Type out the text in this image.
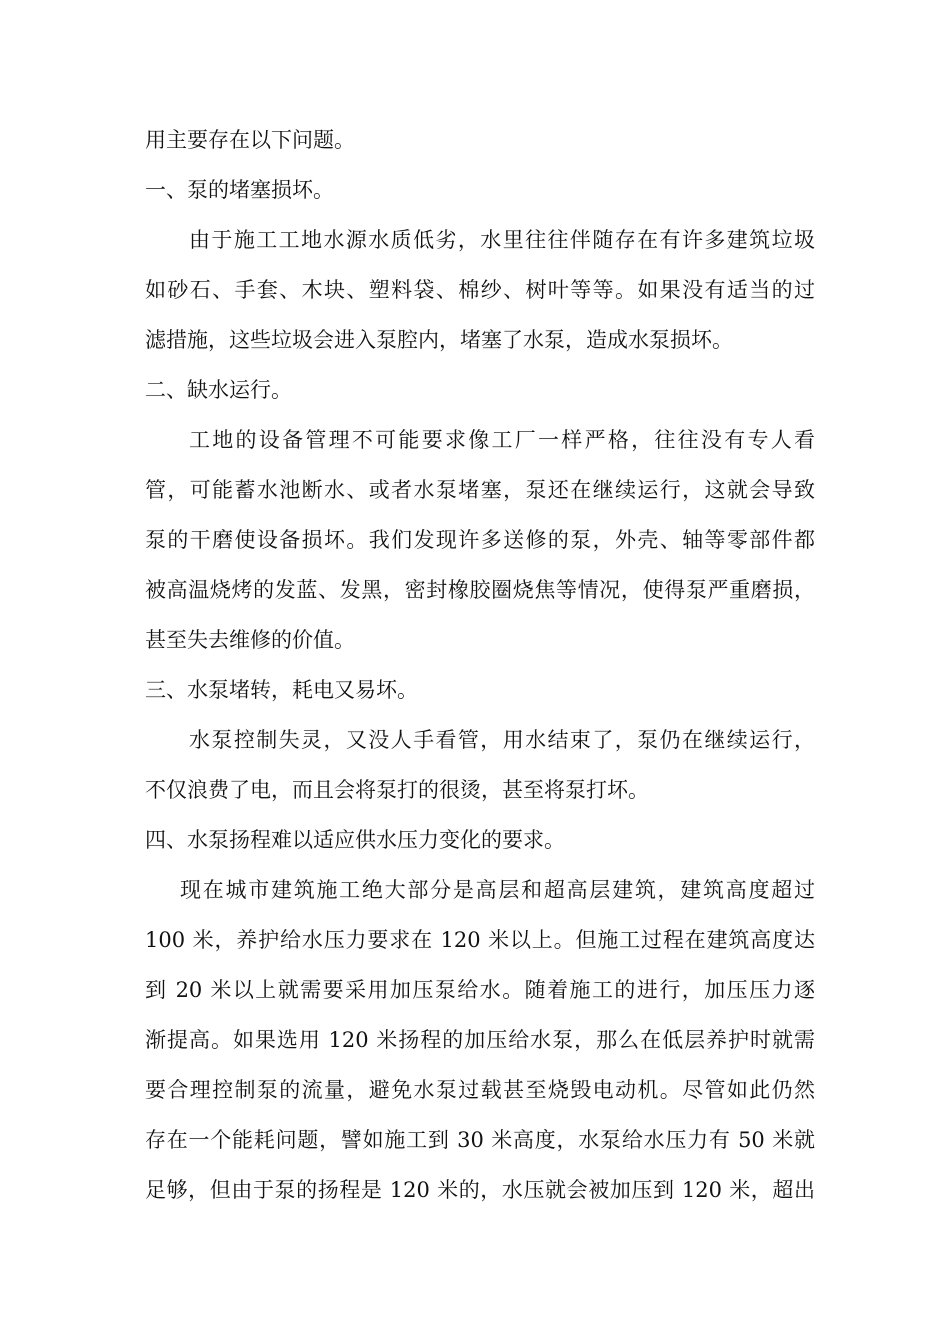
用主要存在以下问题。
一、泵的堵塞损坏。
由于施工工地水源水质低劣，水里往往伴随存在有许多建筑垃圾
如砂石、手套、木块、塑料袋、棉纱、树叶等等。如果没有适当的过
滤措施，这些垃圾会进入泵腔内，堵塞了水泵，造成水泵损坏。
二、缺水运行。
工地的设备管理不可能要求像工厂一样严格，往往没有专人看
管，可能蓄水池断水、或者水泵堵塞，泵还在继续运行，这就会导致
泵的干磨使设备损坏。我们发现许多送修的泵，外壳、轴等零部件都
被高温烧烤的发蓝、发黑，密封橡胶圈烧焦等情况，使得泵严重磨损，
甚至失去维修的价值。
三、水泵堵转，耗电又易坏。
水泵控制失灵，又没人手看管，用水结束了，泵仍在继续运行，
不仅浪费了电，而且会将泵打的很烫，甚至将泵打坏。
四、水泵扬程难以适应供水压力变化的要求。
现在城市建筑施工绝大部分是高层和超高层建筑，建筑高度超过
100 米，养护给水压力要求在 120 米以上。但施工过程在建筑高度达
到 20 米以上就需要采用加压泵给水。随着施工的进行，加压压力逐
渐提高。如果选用 120 米扬程的加压给水泵，那么在低层养护时就需
要合理控制泵的流量，避免水泵过载甚至烧毁电动机。尽管如此仍然
存在一个能耗问题，譬如施工到 30 米高度，水泵给水压力有 50 米就
足够，但由于泵的扬程是 120 米的，水压就会被加压到 120 米，超出
